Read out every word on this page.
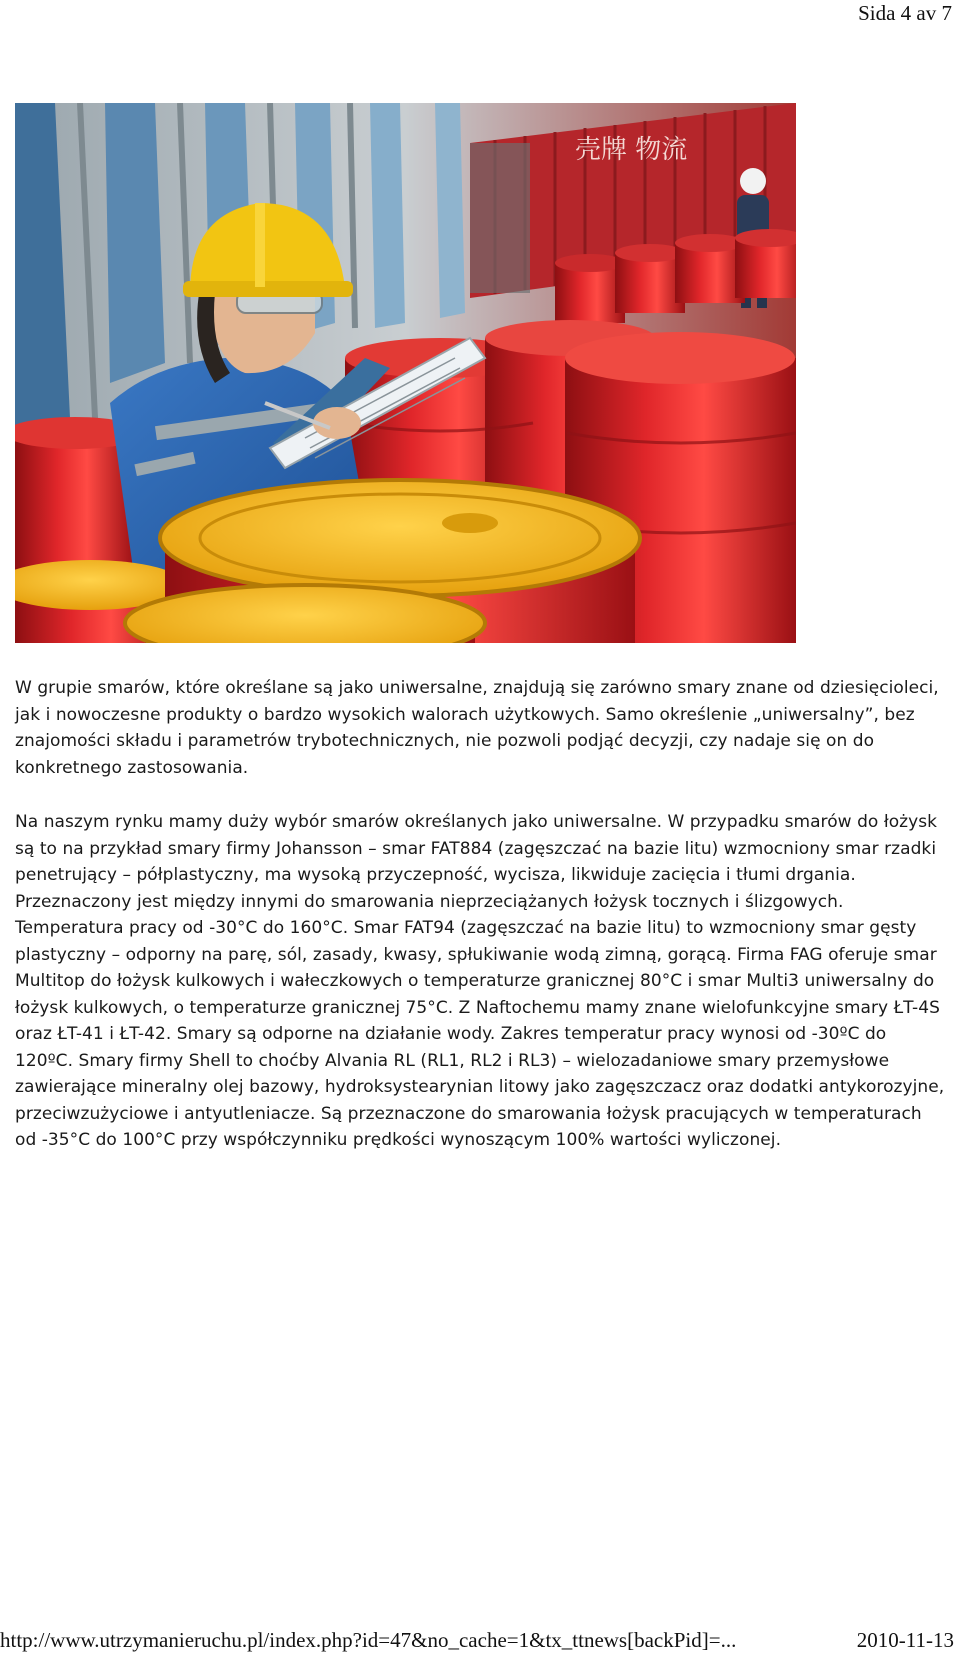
Sida 4 av 7
壳牌 物流

W grupie smarów, które określane są jako uniwersalne, znajdują się zarówno smary znane od dziesięcioleci, jak i nowoczesne produkty o bardzo wysokich walorach użytkowych. Samo określenie „uniwersalny”, bez znajomości składu i parametrów trybotechnicznych, nie pozwoli podjąć decyzji, czy nadaje się on do konkretnego zastosowania.

Na naszym rynku mamy duży wybór smarów określanych jako uniwersalne. W przypadku smarów do łożysk są to na przykład smary firmy Johansson – smar FAT884 (zagęszczać na bazie litu) wzmocniony smar rzadki penetrujący – półplastyczny, ma wysoką przyczepność, wycisza, likwiduje zacięcia i tłumi drgania. Przeznaczony jest między innymi do smarowania nieprzeciążanych łożysk tocznych i ślizgowych. Temperatura pracy od -30°C do 160°C. Smar FAT94 (zagęszczać na bazie litu) to wzmocniony smar gęsty plastyczny – odporny na parę, sól, zasady, kwasy, spłukiwanie wodą zimną, gorącą. Firma FAG oferuje smar Multitop do łożysk kulkowych i wałeczkowych o temperaturze granicznej 80°C i smar Multi3 uniwersalny do łożysk kulkowych, o temperaturze granicznej 75°C. Z Naftochemu mamy znane wielofunkcyjne smary ŁT-4S oraz ŁT-41 i ŁT-42. Smary są odporne na działanie wody. Zakres temperatur pracy wynosi od -30ºC do 120ºC. Smary firmy Shell to choćby Alvania RL (RL1, RL2 i RL3) – wielozadaniowe smary przemysłowe zawierające mineralny olej bazowy, hydroksystearynian litowy jako zagęszczacz oraz dodatki antykorozyjne, przeciwzużyciowe i antyutleniacze. Są przeznaczone do smarowania łożysk pracujących w temperaturach od -35°C do 100°C przy współczynniku prędkości wynoszącym 100% wartości wyliczonej.

http://www.utrzymanieruchu.pl/index.php?id=47&no_cache=1&tx_ttnews[backPid]=...	2010-11-13
